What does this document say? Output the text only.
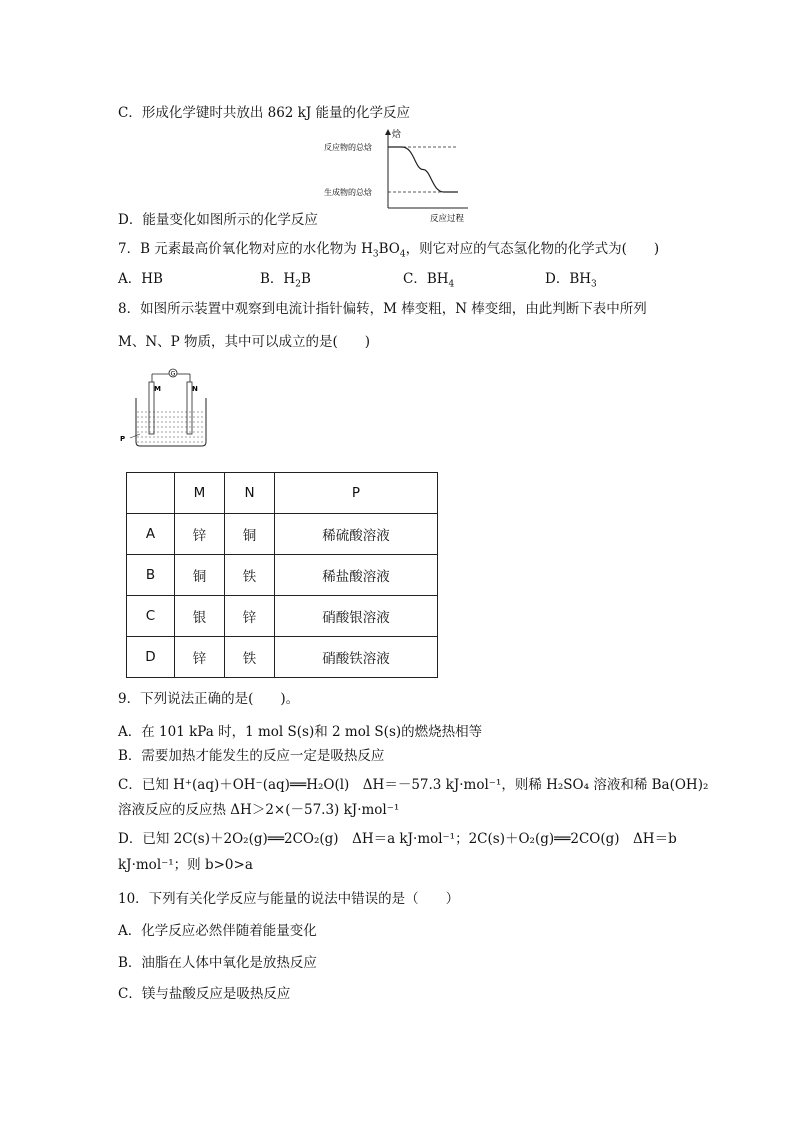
C．形成化学键时共放出 862 kJ 能量的化学反应
焓
反应过程
反应物的总焓
生成物的总焓
D．能量变化如图所示的化学反应
7．B 元素最高价氧化物对应的水化物为 $H_3BO_4$，则它对应的气态氢化物的化学式为(　　)
A．HB	B．$H_2B$	C．$BH_4$	D．$BH_3$
8．如图所示装置中观察到电流计指针偏转，M 棒变粗，N 棒变细，由此判断下表中所列
M、N、P 物质，其中可以成立的是(　　)
G
M	N
P
	M	N	P
A	锌	铜	稀硫酸溶液
B	铜	铁	稀盐酸溶液
C	银	锌	硝酸银溶液
D	锌	铁	硝酸铁溶液
9．下列说法正确的是(　　)。
A．在 101 kPa 时，1 mol S(s)和 2 mol S(s)的燃烧热相等
B．需要加热才能发生的反应一定是吸热反应
C．已知 H⁺(aq)＋OH⁻(aq)══H₂O(l)　ΔH＝－57.3 kJ·mol⁻¹，则稀 H₂SO₄ 溶液和稀 Ba(OH)₂
溶液反应的反应热 ΔH＞2×(－57.3) kJ·mol⁻¹
D．已知 2C(s)＋2O₂(g)══2CO₂(g)　ΔH＝a kJ·mol⁻¹；2C(s)＋O₂(g)══2CO(g)　ΔH＝b
kJ·mol⁻¹；则 b>0>a
10．下列有关化学反应与能量的说法中错误的是（　　）
A．化学反应必然伴随着能量变化
B．油脂在人体中氧化是放热反应
C．镁与盐酸反应是吸热反应
